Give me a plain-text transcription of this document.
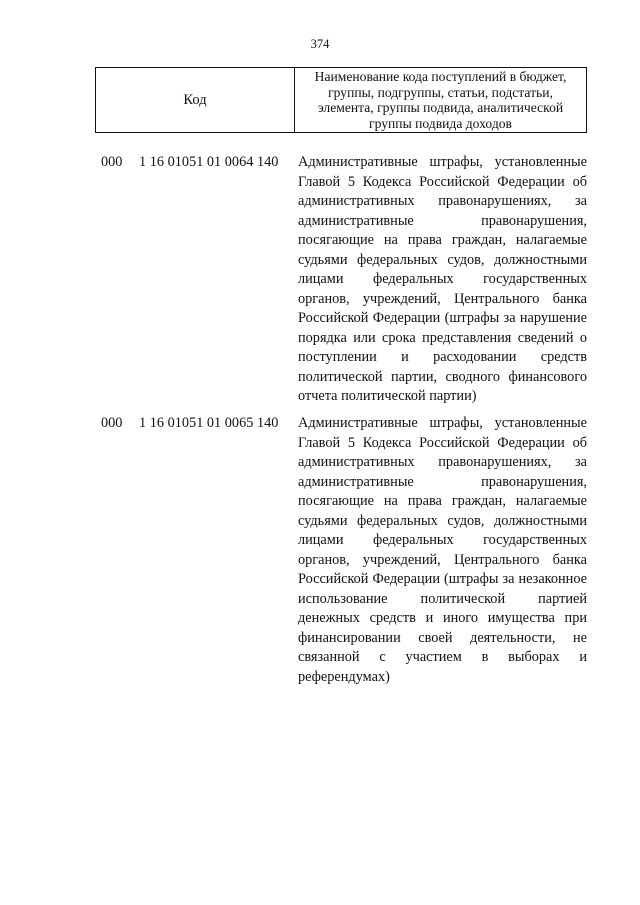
374
Код
Наименование кода поступлений в бюджет, группы, подгруппы, статьи, подстатьи, элемента, группы подвида, аналитической группы подвида доходов
000 1 16 01051 01 0064 140 Административные штрафы, установленные Главой 5 Кодекса Российской Федерации об административных правонарушениях, за административные правонарушения, посягающие на права граждан, налагаемые судьями федеральных судов, должностными лицами федеральных государственных органов, учреждений, Центрального банка Российской Федерации (штрафы за нарушение порядка или срока представления сведений о поступлении и расходовании средств политической партии, сводного финансового отчета политической партии)
000 1 16 01051 01 0065 140 Административные штрафы, установленные Главой 5 Кодекса Российской Федерации об административных правонарушениях, за административные правонарушения, посягающие на права граждан, налагаемые судьями федеральных судов, должностными лицами федеральных государственных органов, учреждений, Центрального банка Российской Федерации (штрафы за незаконное использование политической партией денежных средств и иного имущества при финансировании своей деятельности, не связанной с участием в выборах и референдумах)
